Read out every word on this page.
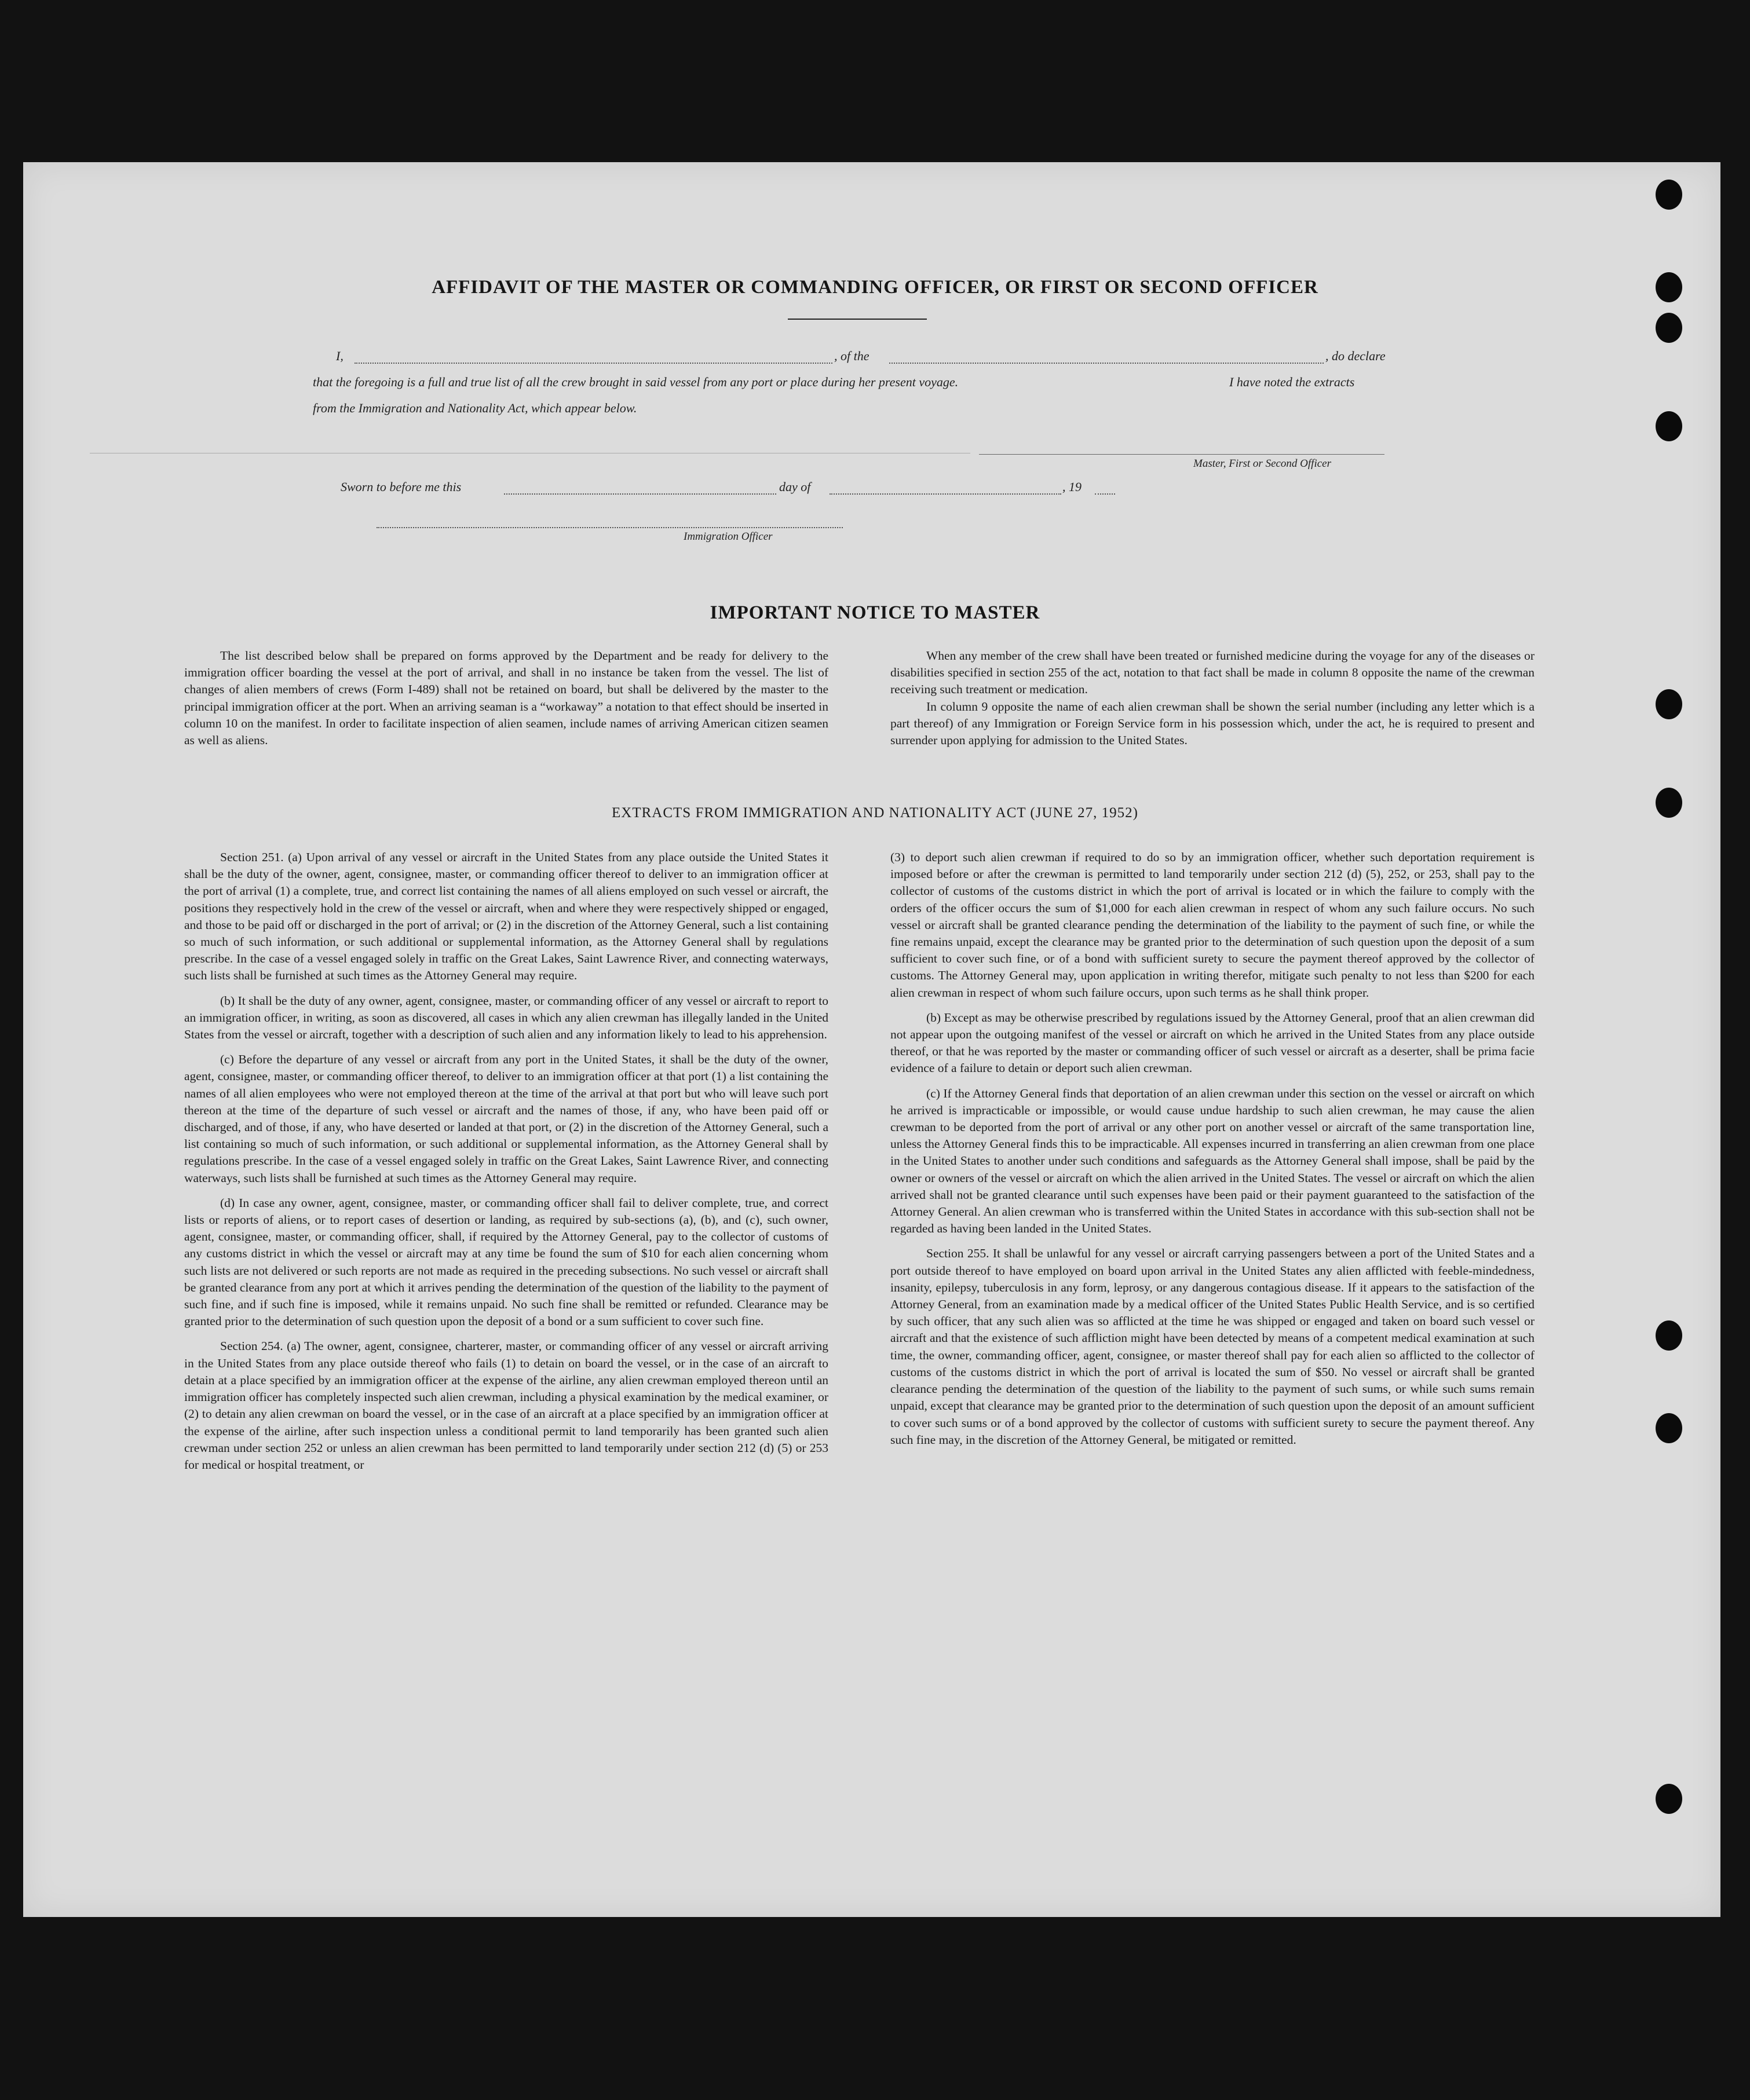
AFFIDAVIT OF THE MASTER OR COMMANDING OFFICER, OR FIRST OR SECOND OFFICER
I,	, of the	, do declare
that the foregoing is a full and true list of all the crew brought in said vessel from any port or place during her present voyage.	I have noted the extracts
from the Immigration and Nationality Act, which appear below.
Master, First or Second Officer
Sworn to before me this	day of	, 19
Immigration Officer
IMPORTANT NOTICE TO MASTER

The list described below shall be prepared on forms approved by the Department and be ready for delivery to the immigration officer boarding the vessel at the port of arrival, and shall in no instance be taken from the vessel. The list of changes of alien members of crews (Form I-489) shall not be retained on board, but shall be delivered by the master to the principal immigration officer at the port. When an arriving seaman is a “workaway” a notation to that effect should be inserted in column 10 on the manifest. In order to facilitate inspection of alien seamen, include names of arriving American citizen seamen as well as aliens.

When any member of the crew shall have been treated or furnished medicine during the voyage for any of the diseases or disabilities specified in section 255 of the act, notation to that fact shall be made in column 8 opposite the name of the crewman receiving such treatment or medication.

In column 9 opposite the name of each alien crewman shall be shown the serial number (including any letter which is a part thereof) of any Immigration or Foreign Service form in his possession which, under the act, he is required to present and surrender upon applying for admission to the United States.

EXTRACTS FROM IMMIGRATION AND NATIONALITY ACT (JUNE 27, 1952)

Section 251. (a) Upon arrival of any vessel or aircraft in the United States from any place outside the United States it shall be the duty of the owner, agent, consignee, master, or commanding officer thereof to deliver to an immigration officer at the port of arrival (1) a complete, true, and correct list containing the names of all aliens employed on such vessel or aircraft, the positions they respectively hold in the crew of the vessel or aircraft, when and where they were respectively shipped or engaged, and those to be paid off or discharged in the port of arrival; or (2) in the discretion of the Attorney General, such a list containing so much of such information, or such additional or supplemental information, as the Attorney General shall by regulations prescribe. In the case of a vessel engaged solely in traffic on the Great Lakes, Saint Lawrence River, and connecting waterways, such lists shall be furnished at such times as the Attorney General may require.

(b) It shall be the duty of any owner, agent, consignee, master, or commanding officer of any vessel or aircraft to report to an immigration officer, in writing, as soon as discovered, all cases in which any alien crewman has illegally landed in the United States from the vessel or aircraft, together with a description of such alien and any information likely to lead to his apprehension.

(c) Before the departure of any vessel or aircraft from any port in the United States, it shall be the duty of the owner, agent, consignee, master, or commanding officer thereof, to deliver to an immigration officer at that port (1) a list containing the names of all alien employees who were not employed thereon at the time of the arrival at that port but who will leave such port thereon at the time of the departure of such vessel or aircraft and the names of those, if any, who have been paid off or discharged, and of those, if any, who have deserted or landed at that port, or (2) in the discretion of the Attorney General, such a list containing so much of such information, or such additional or supplemental information, as the Attorney General shall by regulations prescribe. In the case of a vessel engaged solely in traffic on the Great Lakes, Saint Lawrence River, and connecting waterways, such lists shall be furnished at such times as the Attorney General may require.

(d) In case any owner, agent, consignee, master, or commanding officer shall fail to deliver complete, true, and correct lists or reports of aliens, or to report cases of desertion or landing, as required by sub-sections (a), (b), and (c), such owner, agent, consignee, master, or commanding officer, shall, if required by the Attorney General, pay to the collector of customs of any customs district in which the vessel or aircraft may at any time be found the sum of $10 for each alien concerning whom such lists are not delivered or such reports are not made as required in the preceding subsections. No such vessel or aircraft shall be granted clearance from any port at which it arrives pending the determination of the question of the liability to the payment of such fine, and if such fine is imposed, while it remains unpaid. No such fine shall be remitted or refunded. Clearance may be granted prior to the determination of such question upon the deposit of a bond or a sum sufficient to cover such fine.

Section 254. (a) The owner, agent, consignee, charterer, master, or commanding officer of any vessel or aircraft arriving in the United States from any place outside thereof who fails (1) to detain on board the vessel, or in the case of an aircraft to detain at a place specified by an immigration officer at the expense of the airline, any alien crewman employed thereon until an immigration officer has completely inspected such alien crewman, including a physical examination by the medical examiner, or (2) to detain any alien crewman on board the vessel, or in the case of an aircraft at a place specified by an immigration officer at the expense of the airline, after such inspection unless a conditional permit to land temporarily has been granted such alien crewman under section 252 or unless an alien crewman has been permitted to land temporarily under section 212 (d) (5) or 253 for medical or hospital treatment, or

(3) to deport such alien crewman if required to do so by an immigration officer, whether such deportation requirement is imposed before or after the crewman is permitted to land temporarily under section 212 (d) (5), 252, or 253, shall pay to the collector of customs of the customs district in which the port of arrival is located or in which the failure to comply with the orders of the officer occurs the sum of $1,000 for each alien crewman in respect of whom any such failure occurs. No such vessel or aircraft shall be granted clearance pending the determination of the liability to the payment of such fine, or while the fine remains unpaid, except the clearance may be granted prior to the determination of such question upon the deposit of a sum sufficient to cover such fine, or of a bond with sufficient surety to secure the payment thereof approved by the collector of customs. The Attorney General may, upon application in writing therefor, mitigate such penalty to not less than $200 for each alien crewman in respect of whom such failure occurs, upon such terms as he shall think proper.

(b) Except as may be otherwise prescribed by regulations issued by the Attorney General, proof that an alien crewman did not appear upon the outgoing manifest of the vessel or aircraft on which he arrived in the United States from any place outside thereof, or that he was reported by the master or commanding officer of such vessel or aircraft as a deserter, shall be prima facie evidence of a failure to detain or deport such alien crewman.

(c) If the Attorney General finds that deportation of an alien crewman under this section on the vessel or aircraft on which he arrived is impracticable or impossible, or would cause undue hardship to such alien crewman, he may cause the alien crewman to be deported from the port of arrival or any other port on another vessel or aircraft of the same transportation line, unless the Attorney General finds this to be impracticable. All expenses incurred in transferring an alien crewman from one place in the United States to another under such conditions and safeguards as the Attorney General shall impose, shall be paid by the owner or owners of the vessel or aircraft on which the alien arrived in the United States. The vessel or aircraft on which the alien arrived shall not be granted clearance until such expenses have been paid or their payment guaranteed to the satisfaction of the Attorney General. An alien crewman who is transferred within the United States in accordance with this sub-section shall not be regarded as having been landed in the United States.

Section 255. It shall be unlawful for any vessel or aircraft carrying passengers between a port of the United States and a port outside thereof to have employed on board upon arrival in the United States any alien afflicted with feeble-mindedness, insanity, epilepsy, tuberculosis in any form, leprosy, or any dangerous contagious disease. If it appears to the satisfaction of the Attorney General, from an examination made by a medical officer of the United States Public Health Service, and is so certified by such officer, that any such alien was so afflicted at the time he was shipped or engaged and taken on board such vessel or aircraft and that the existence of such affliction might have been detected by means of a competent medical examination at such time, the owner, commanding officer, agent, consignee, or master thereof shall pay for each alien so afflicted to the collector of customs of the customs district in which the port of arrival is located the sum of $50. No vessel or aircraft shall be granted clearance pending the determination of the question of the liability to the payment of such sums, or while such sums remain unpaid, except that clearance may be granted prior to the determination of such question upon the deposit of an amount sufficient to cover such sums or of a bond approved by the collector of customs with sufficient surety to secure the payment thereof. Any such fine may, in the discretion of the Attorney General, be mitigated or remitted.
